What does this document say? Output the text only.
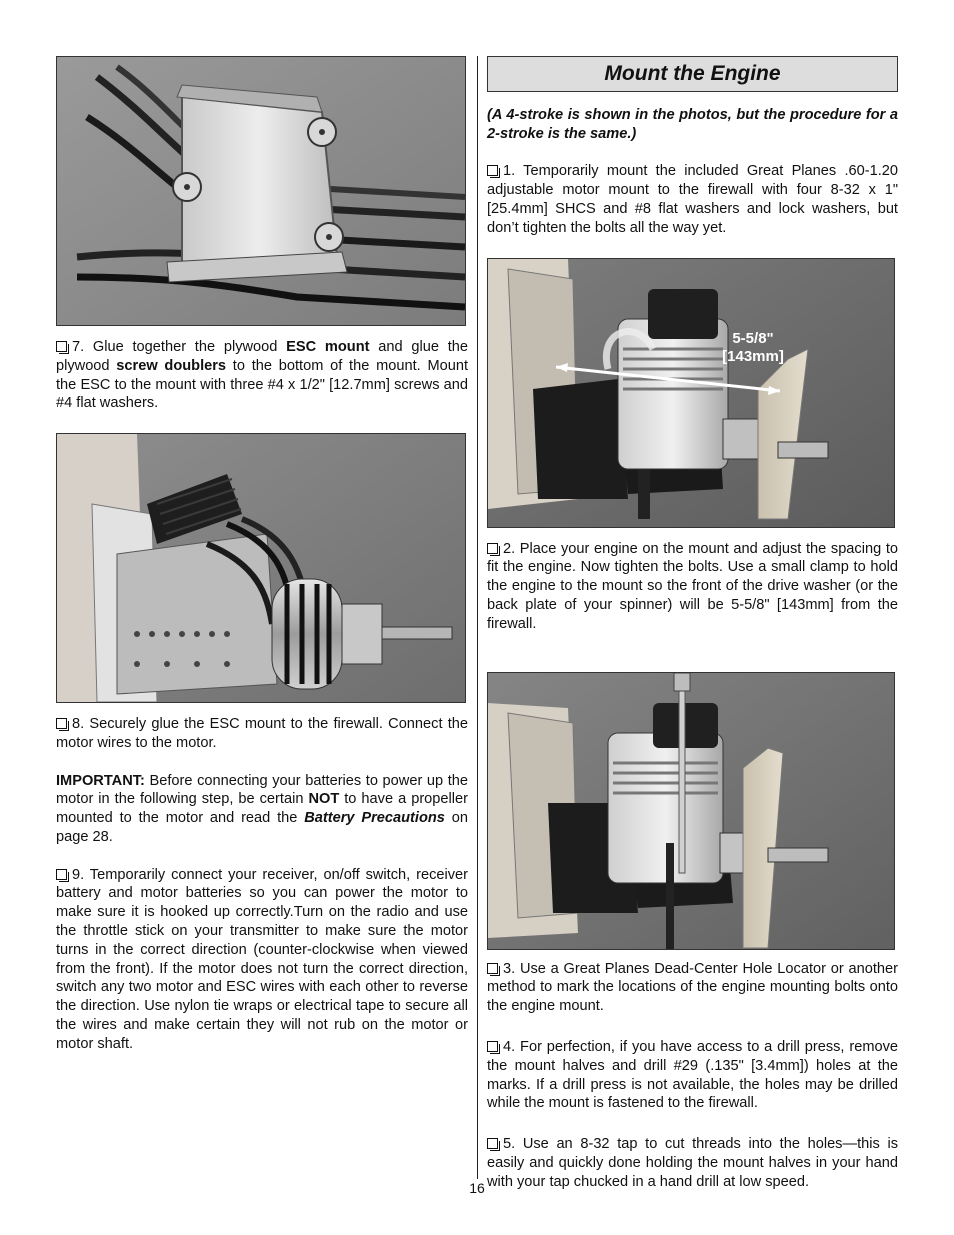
7. Glue together the plywood ESC mount and glue the plywood screw doublers to the bottom of the mount. Mount the ESC to the mount with three #4 x 1/2" [12.7mm] screws and #4 flat washers.

8. Securely glue the ESC mount to the firewall. Connect the motor wires to the motor.

IMPORTANT: Before connecting your batteries to power up the motor in the following step, be certain NOT to have a propeller mounted to the motor and read the Battery Precautions on page 28.

9. Temporarily connect your receiver, on/off switch, receiver battery and motor batteries so you can power the motor to make sure it is hooked up correctly.Turn on the radio and use the throttle stick on your transmitter to make sure the motor turns in the correct direction (counter-clockwise when viewed from the front). If the motor does not turn the correct direction, switch any two motor and ESC wires with each other to reverse the direction. Use nylon tie wraps or electrical tape to secure all the wires and make certain they will not rub on the motor or motor shaft.

Mount the Engine

(A 4-stroke is shown in the photos, but the procedure for a 2-stroke is the same.)

1. Temporarily mount the included Great Planes .60-1.20 adjustable motor mount to the firewall with four 8-32 x 1" [25.4mm] SHCS and #8 flat washers and lock washers, but don’t tighten the bolts all the way yet.

5-5/8"
[143mm]

2. Place your engine on the mount and adjust the spacing to fit the engine. Now tighten the bolts. Use a small clamp to hold the engine to the mount so the front of the drive washer (or the back plate of your spinner) will be 5-5/8" [143mm] from the firewall.

3. Use a Great Planes Dead-Center Hole Locator or another method to mark the locations of the engine mounting bolts onto the engine mount.

4. For perfection, if you have access to a drill press, remove the mount halves and drill #29 (.135" [3.4mm]) holes at the marks. If a drill press is not available, the holes may be drilled while the mount is fastened to the firewall.

5. Use an 8-32 tap to cut threads into the holes—this is easily and quickly done holding the mount halves in your hand with your tap chucked in a hand drill at low speed.

16
